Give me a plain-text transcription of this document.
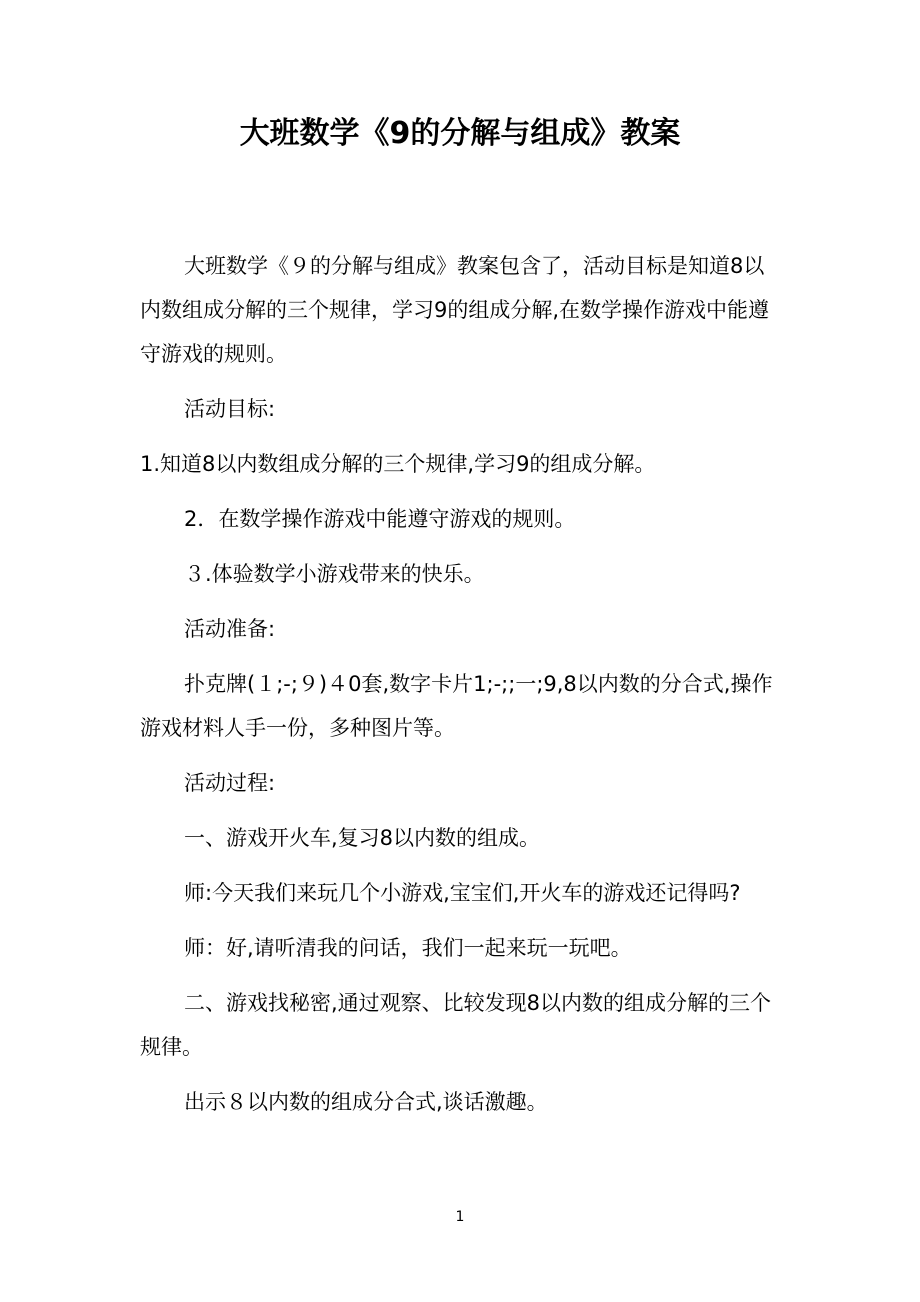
大班数学《9的分解与组成》教案

大班数学《９的分解与组成》教案包含了，活动目标是知道8以内数组成分解的三个规律，学习9的组成分解,在数学操作游戏中能遵守游戏的规则。

活动目标:

1.知道8以内数组成分解的三个规律,学习9的组成分解。

2．在数学操作游戏中能遵守游戏的规则。

３.体验数学小游戏带来的快乐。

活动准备:

扑克牌(１;-;９)４0套,数字卡片1;-;;一;9,8以内数的分合式,操作游戏材料人手一份，多种图片等。

活动过程:

一、游戏开火车,复习8以内数的组成。

师:今天我们来玩几个小游戏,宝宝们,开火车的游戏还记得吗?

师：好,请听清我的问话，我们一起来玩一玩吧。

二、游戏找秘密,通过观察、比较发现8以内数的组成分解的三个规律。

出示８以内数的组成分合式,谈话激趣。

1
